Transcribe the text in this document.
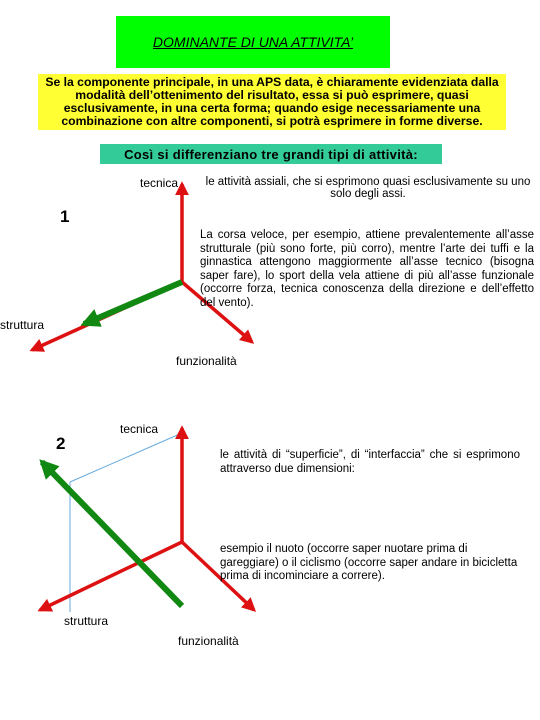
DOMINANTE DI UNA ATTIVITA’
Se la componente principale, in una APS data, è chiaramente evidenziata dalla modalità dell’ottenimento del risultato, essa si può esprimere, quasi esclusivamente, in una certa forma; quando esige necessariamente una combinazione con altre componenti, si potrà esprimere in forme diverse.
Così si differenziano tre grandi tipi di attività:
tecnica
1
struttura
funzionalità
le attività assiali, che si esprimono quasi esclusivamente su uno solo degli assi.
La corsa veloce, per esempio, attiene prevalentemente all’asse strutturale (più sono forte, più corro), mentre l’arte dei tuffi e la ginnastica attengono maggiormente all’asse tecnico (bisogna saper fare), lo sport della vela attiene di più all’asse funzionale (occorre forza, tecnica conoscenza della direzione e dell’effetto del vento).
tecnica
2
struttura
funzionalità
le attività di “superficie”, di “interfaccia” che si esprimono attraverso due dimensioni:
esempio il nuoto (occorre saper nuotare prima di gareggiare) o il ciclismo (occorre saper andare in bicicletta prima di incominciare a correre).
